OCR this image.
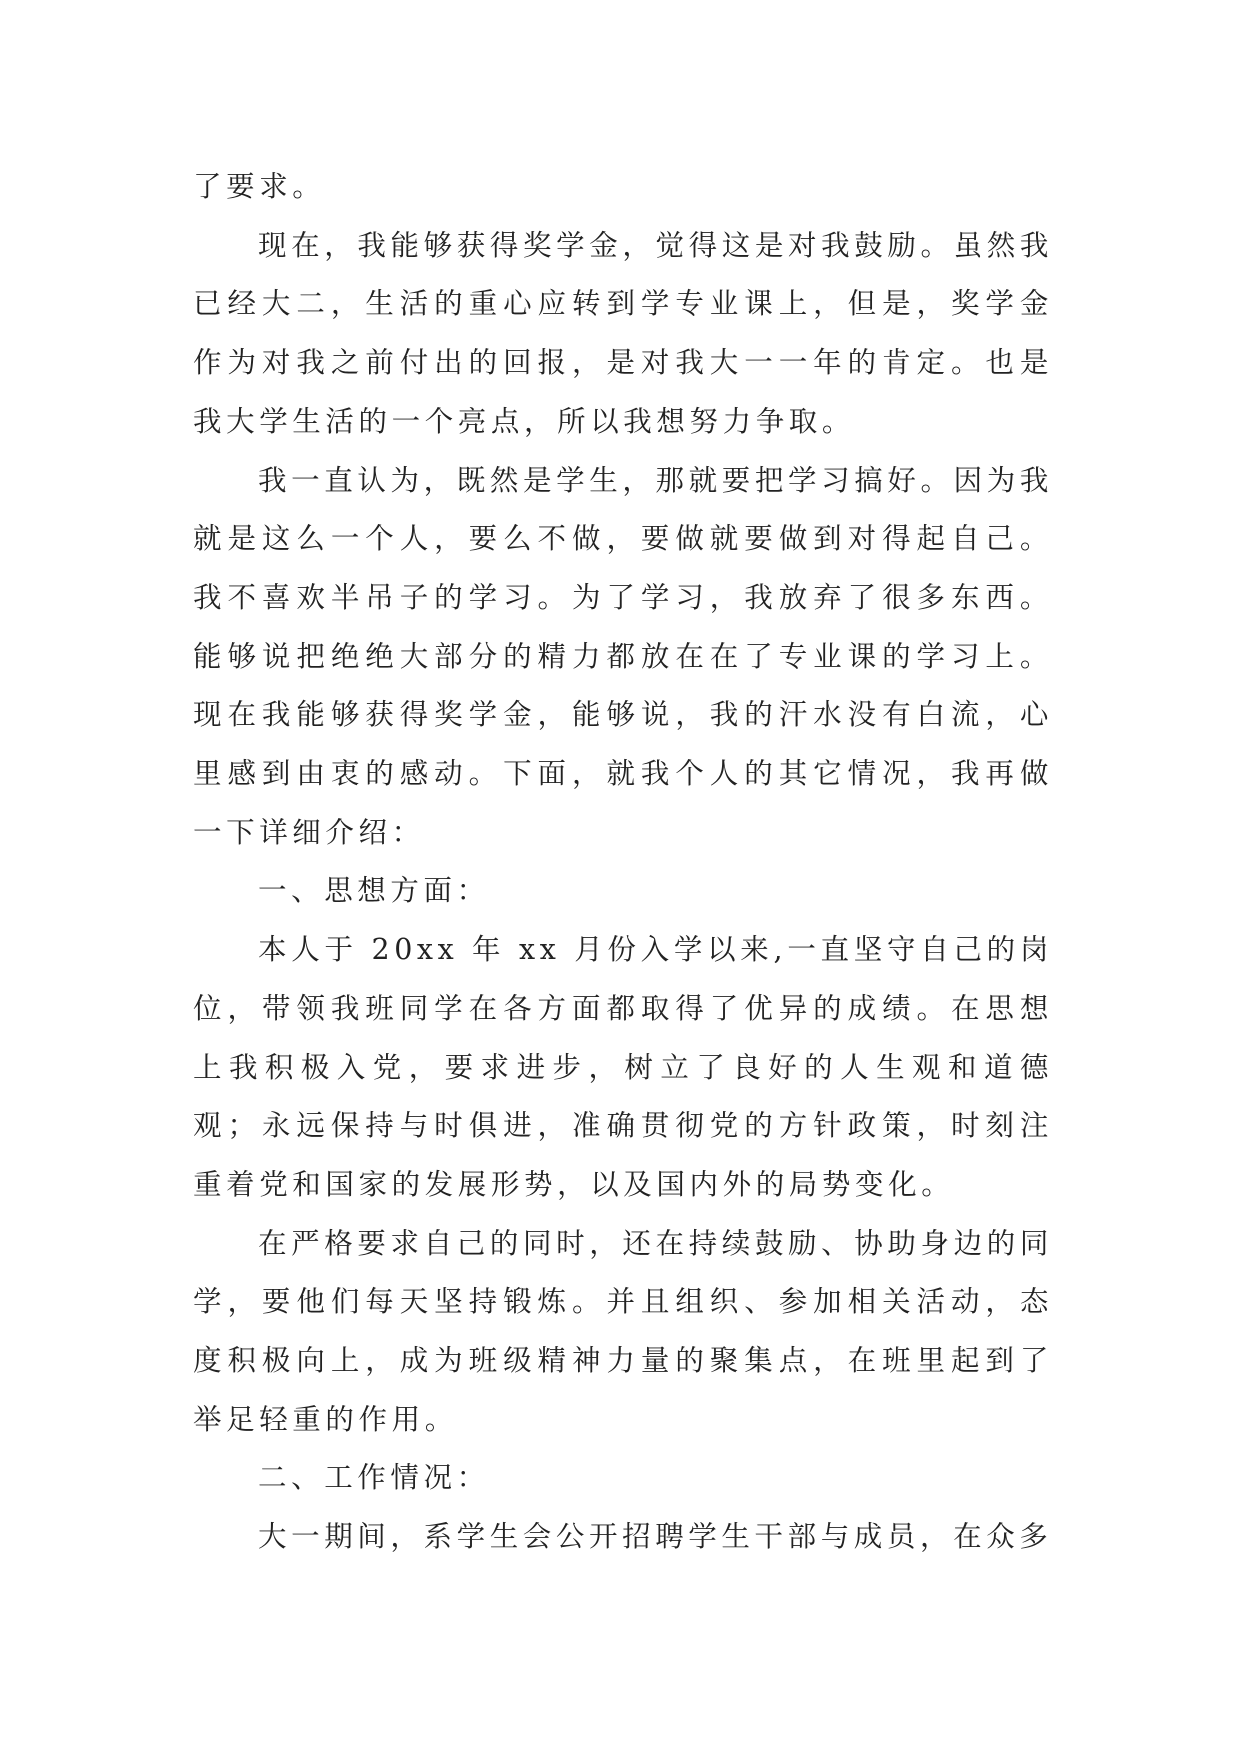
了要求。

现在，我能够获得奖学金，觉得这是对我鼓励。虽然我已经大二，生活的重心应转到学专业课上，但是，奖学金作为对我之前付出的回报，是对我大一一年的肯定。也是我大学生活的一个亮点，所以我想努力争取。

我一直认为，既然是学生，那就要把学习搞好。因为我就是这么一个人，要么不做，要做就要做到对得起自己。我不喜欢半吊子的学习。为了学习，我放弃了很多东西。能够说把绝绝大部分的精力都放在在了专业课的学习上。现在我能够获得奖学金，能够说，我的汗水没有白流，心里感到由衷的感动。下面，就我个人的其它情况，我再做一下详细介绍：

一、思想方面：

本人于 20xx 年 xx 月份入学以来,一直坚守自己的岗位，带领我班同学在各方面都取得了优异的成绩。在思想上我积极入党，要求进步，树立了良好的人生观和道德观；永远保持与时俱进，准确贯彻党的方针政策，时刻注重着党和国家的发展形势，以及国内外的局势变化。

在严格要求自己的同时，还在持续鼓励、协助身边的同学，要他们每天坚持锻炼。并且组织、参加相关活动，态度积极向上，成为班级精神力量的聚集点，在班里起到了举足轻重的作用。

二、工作情况：

大一期间，系学生会公开招聘学生干部与成员，在众多
